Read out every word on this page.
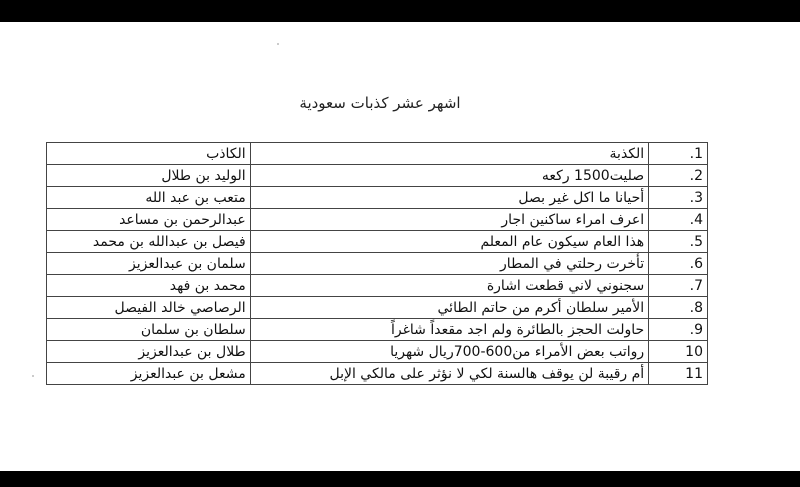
اشهر عشر كذبات سعودية
الكاذب	الكذبة	1.
الوليد بن طلال	صليت1500 ركعه	2.
متعب بن عبد الله	أحيانا ما اكل غير بصل	3.
عبدالرحمن بن مساعد	اعرف امراء ساكنين اجار	4.
فيصل بن عبدالله بن محمد	هذا العام سيكون عام المعلم	5.
سلمان بن عبدالعزيز	تأخرت رحلتي في المطار	6.
محمد بن فهد	سجنوني لاني قطعت اشارة	7.
الرصاصي خالد الفيصل	الأمير سلطان أكرم من حاتم الطائي	8.
سلطان بن سلمان	حاولت الحجز بالطائرة ولم اجد مقعداً شاغراً	9.
طلال بن عبدالعزيز	رواتب بعض الأمراء من600-700ريال شهريا	10
مشعل بن عبدالعزيز	أم رقيبة لن يوقف هالسنة لكي لا نؤثر على مالكي الإبل	11
